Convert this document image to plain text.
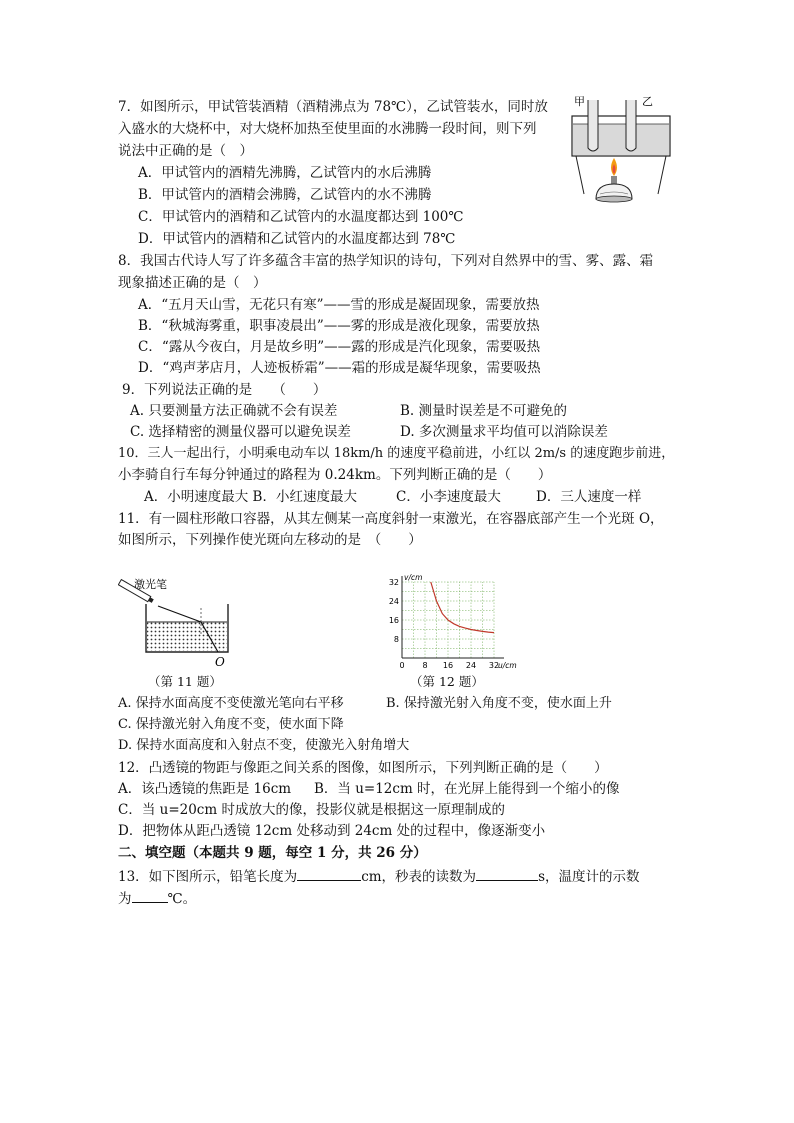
7．如图所示，甲试管装酒精（酒精沸点为 78℃），乙试管装水，同时放
入盛水的大烧杯中，对大烧杯加热至使里面的水沸腾一段时间，则下列
说法中正确的是（　）
A．甲试管内的酒精先沸腾，乙试管内的水后沸腾
B．甲试管内的酒精会沸腾，乙试管内的水不沸腾
C．甲试管内的酒精和乙试管内的水温度都达到 100℃
D．甲试管内的酒精和乙试管内的水温度都达到 78℃
甲	乙
8．我国古代诗人写了许多蕴含丰富的热学知识的诗句，下列对自然界中的雪、雾、露、霜
现象描述正确的是（　）
A．“五月天山雪，无花只有寒”——雪的形成是凝固现象，需要放热
B．“秋城海雾重，职事凌晨出”——雾的形成是液化现象，需要放热
C．“露从今夜白，月是故乡明”——露的形成是汽化现象，需要吸热
D．“鸡声茅店月，人迹板桥霜”——霜的形成是凝华现象，需要吸热
9．下列说法正确的是　　（　　）
A. 只要测量方法正确就不会有误差	B. 测量时误差是不可避免的
C. 选择精密的测量仪器可以避免误差	D. 多次测量求平均值可以消除误差
10．三人一起出行，小明乘电动车以 18km/h 的速度平稳前进，小红以 2m/s 的速度跑步前进，
小李骑自行车每分钟通过的路程为 0.24km。下列判断正确的是（　　）
A．小明速度最大 B．小红速度最大	C．小李速度最大	D．三人速度一样
11．有一圆柱形敞口容器，从其左侧某一高度斜射一束激光，在容器底部产生一个光斑 O，
如图所示，下列操作使光斑向左移动的是　（　　）
激光笔
O
（第 11 题）
0 8 16 24 32
8
16
24
32
u/cm
v/cm
（第 12 题）
A. 保持水面高度不变使激光笔向右平移	B. 保持激光射入角度不变，使水面上升
C. 保持激光射入角度不变，使水面下降
D. 保持水面高度和入射点不变，使激光入射角增大
12．凸透镜的物距与像距之间关系的图像，如图所示，下列判断正确的是（　　）
A．该凸透镜的焦距是 16cm B．当 u=12cm 时，在光屏上能得到一个缩小的像
C．当 u=20cm 时成放大的像，投影仪就是根据这一原理制成的
D．把物体从距凸透镜 12cm 处移动到 24cm 处的过程中，像逐渐变小
二、填空题（本题共 9 题，每空 1 分，共 26 分）
13．如下图所示，铅笔长度为	cm，秒表的读数为	s，温度计的示数
为	℃。
